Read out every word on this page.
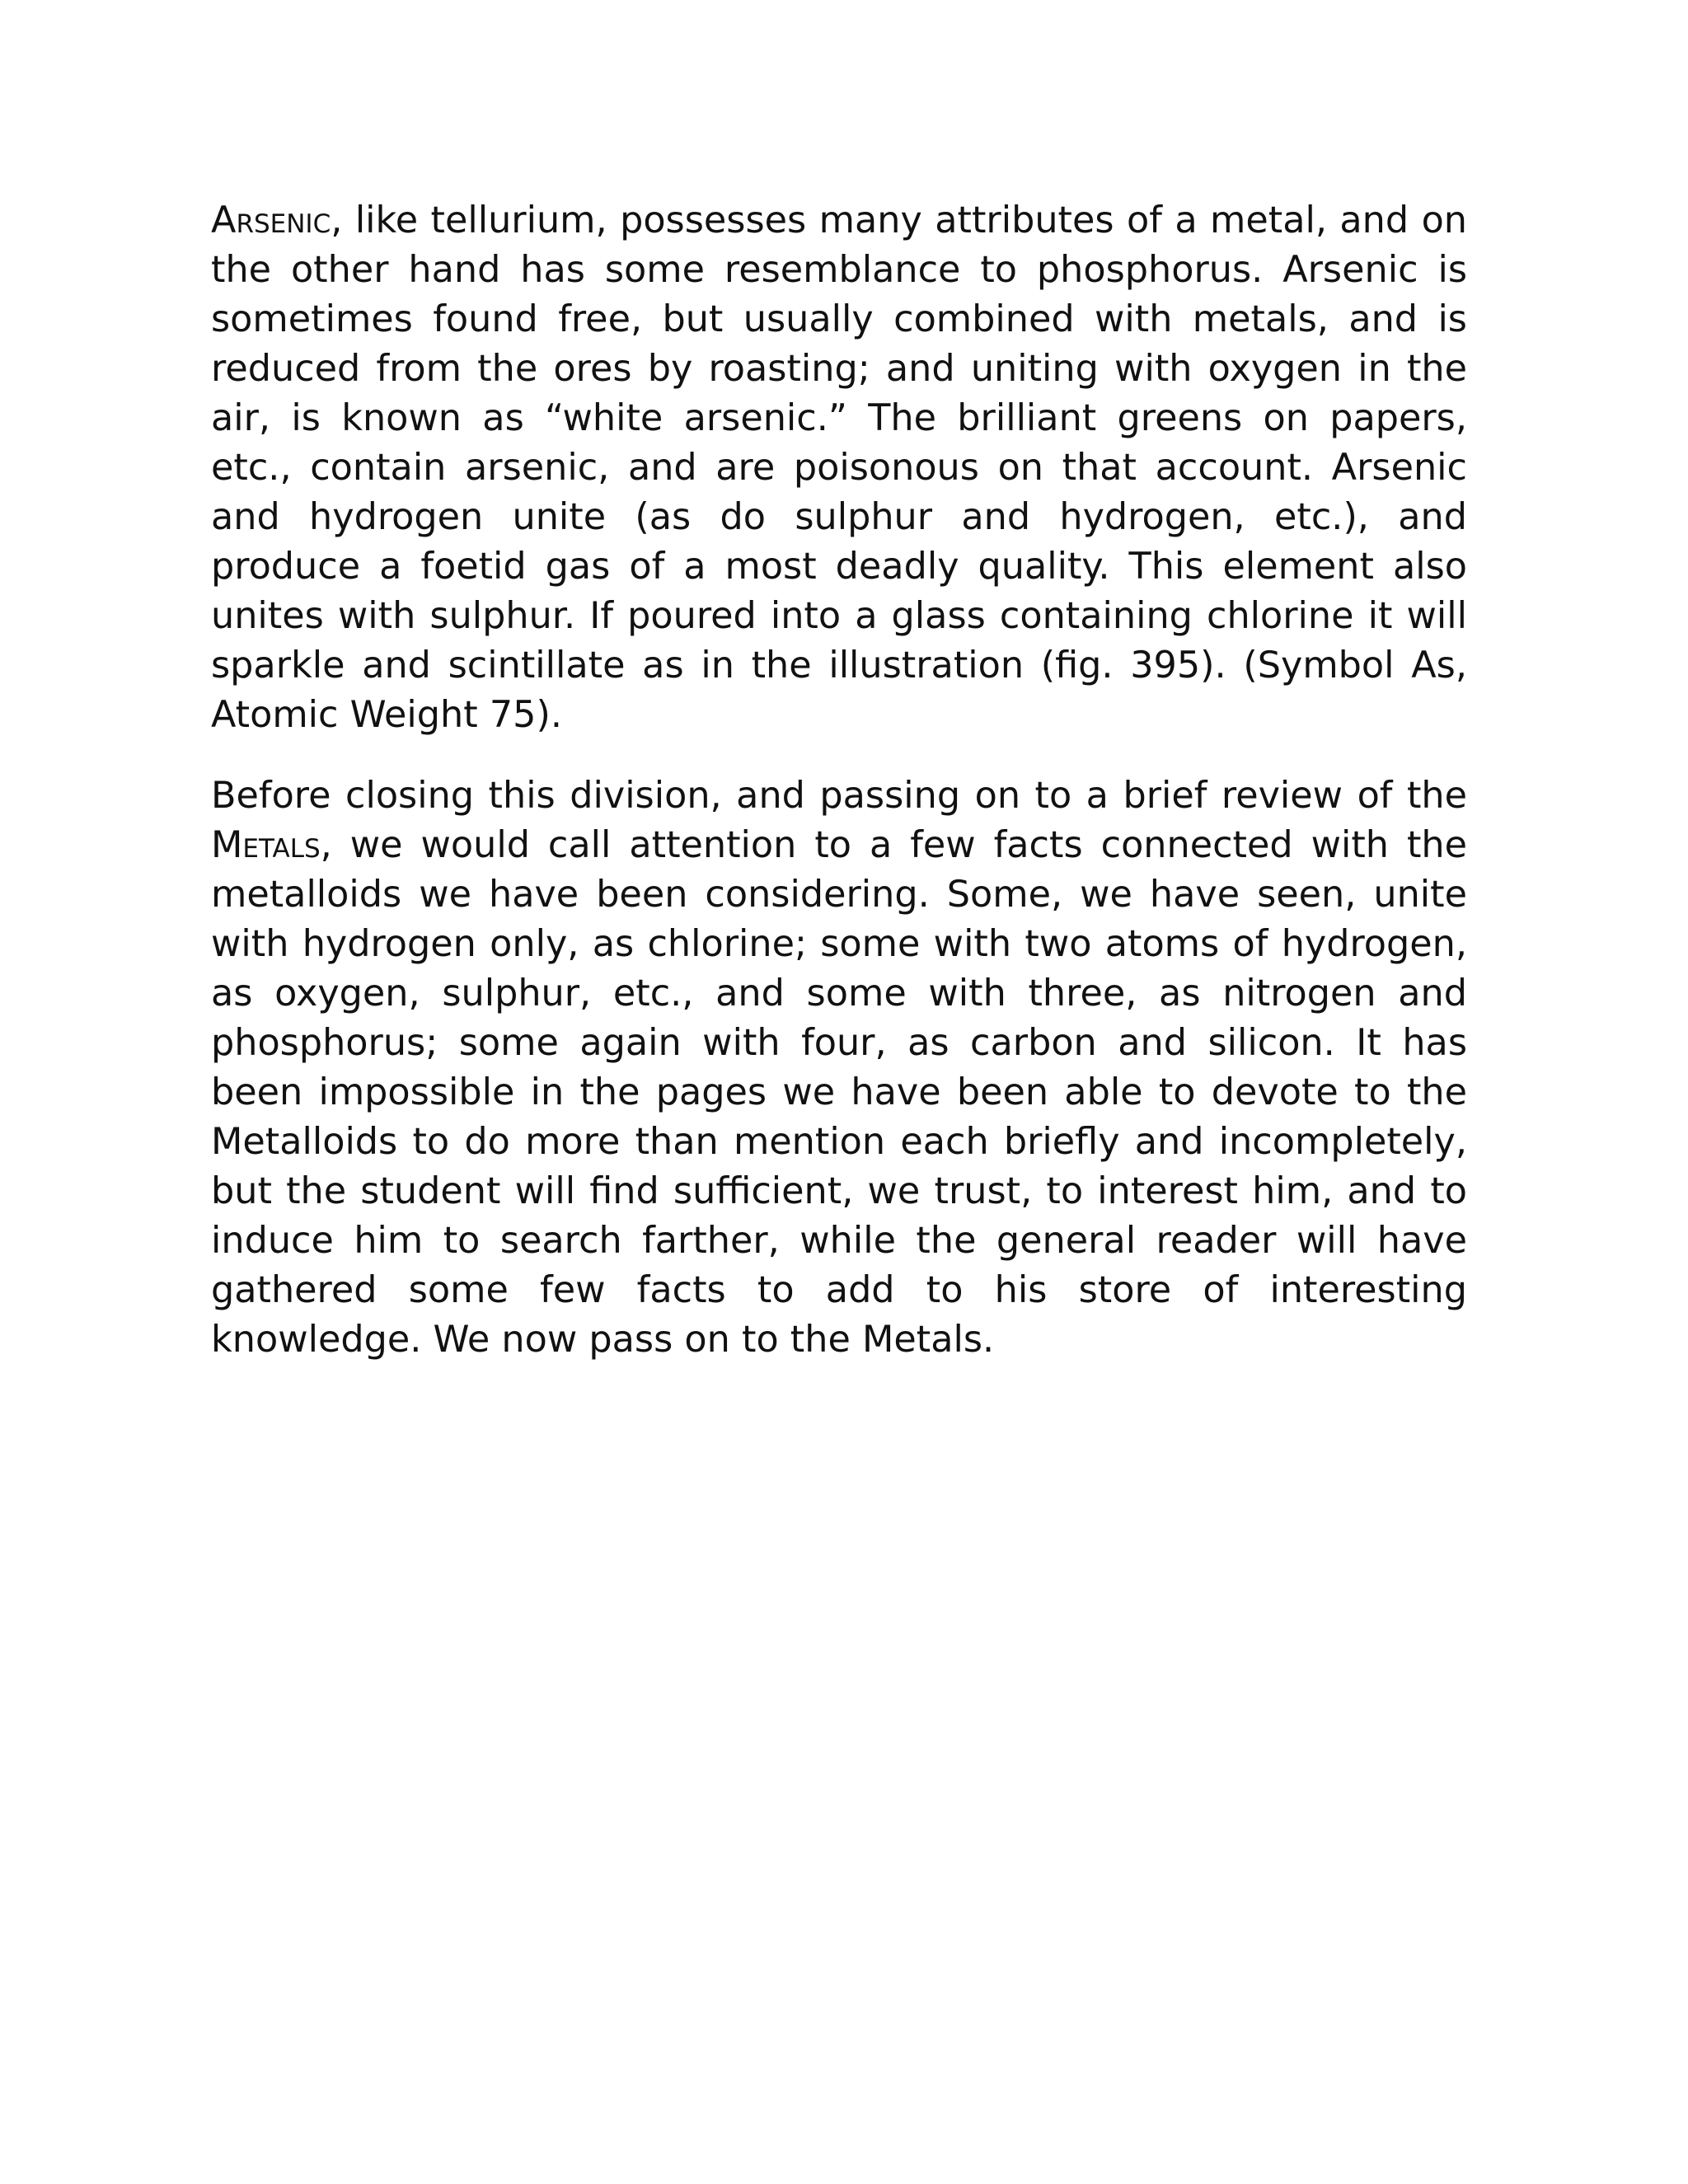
Arsenic, like tellurium, possesses many attributes of a metal, and on the other hand has some resemblance to phosphorus. Arsenic is sometimes found free, but usually combined with metals, and is reduced from the ores by roasting; and uniting with oxygen in the air, is known as “white arsenic.” The brilliant greens on papers, etc., contain arsenic, and are poisonous on that account. Arsenic and hydrogen unite (as do sulphur and hydrogen, etc.), and produce a foetid gas of a most deadly quality. This element also unites with sulphur. If poured into a glass containing chlorine it will sparkle and scintillate as in the illustration (fig. 395). (Symbol As, Atomic Weight 75).

Before closing this division, and passing on to a brief review of the Metals, we would call attention to a few facts connected with the metalloids we have been considering. Some, we have seen, unite with hydrogen only, as chlorine; some with two atoms of hydrogen, as oxygen, sulphur, etc., and some with three, as nitrogen and phosphorus; some again with four, as carbon and silicon. It has been impossible in the pages we have been able to devote to the Metalloids to do more than mention each briefly and incompletely, but the student will find sufficient, we trust, to interest him, and to induce him to search farther, while the general reader will have gathered some few facts to add to his store of interesting knowledge. We now pass on to the Metals.
